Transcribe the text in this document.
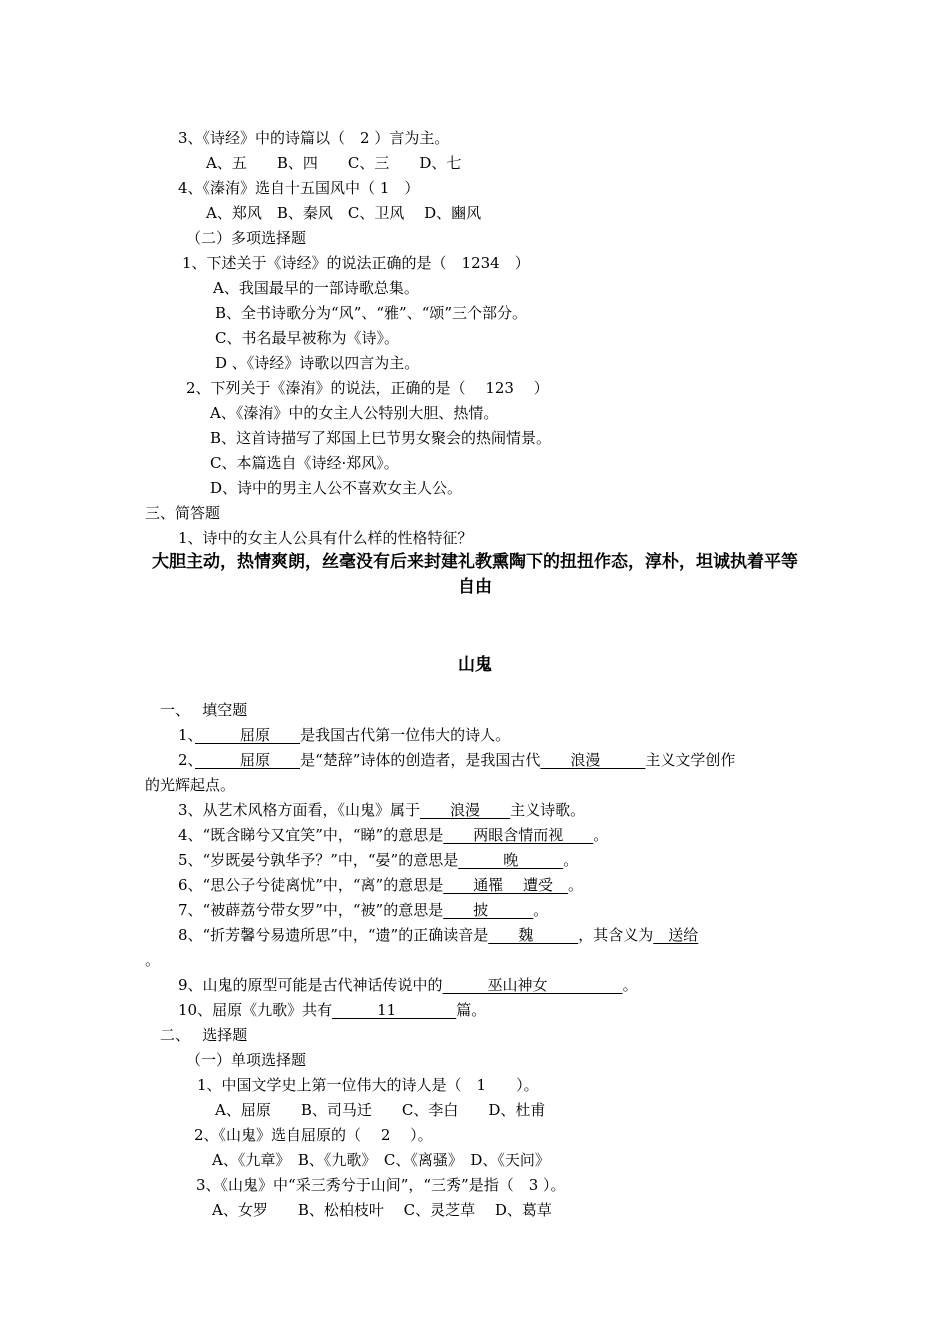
3、《诗经》中的诗篇以（　2 ）言为主。
A、五　　B、四　　C、三　　D、七
4、《溱洧》选自十五国风中（ 1　）
A、郑风　B、秦风　C、卫风　 D、豳风
（二）多项选择题
1、下述关于《诗经》的说法正确的是（　1234　）
A、我国最早的一部诗歌总集。
B、全书诗歌分为“风”、“雅”、“颂”三个部分。
C、书名最早被称为《诗》。
D 、《诗经》诗歌以四言为主。
2、下列关于《溱洧》的说法，正确的是（　 123　 ）
A、《溱洧》中的女主人公特别大胆、热情。
B、这首诗描写了郑国上巳节男女聚会的热闹情景。
C、本篇选自《诗经·郑风》。
D、诗中的男主人公不喜欢女主人公。
三、简答题
1、诗中的女主人公具有什么样的性格特征？
大胆主动，热情爽朗，丝毫没有后来封建礼教熏陶下的扭扭作态，淳朴，坦诚执着平等自由
山鬼
一、　 填空题
1、　　　屈原　　是我国古代第一位伟大的诗人。
2、　　　屈原　　是“楚辞”诗体的创造者，是我国古代　　浪漫　　　主义文学创作
的光辉起点。
3、从艺术风格方面看，《山鬼》属于　　浪漫　　主义诗歌。
4、“既含睇兮又宜笑”中，“睇”的意思是　　两眼含情而视　　。
5、“岁既晏兮孰华予？”中，“晏”的意思是　　　晚　　　。
6、“思公子兮徒离忧”中，“离”的意思是　　通罹　 遭受　。
7、“被薜荔兮带女罗”中，“被”的意思是　　披　　　。
8、“折芳馨兮易遗所思”中，“遗”的正确读音是　　魏　　　，其含义为　送给
。
9、山鬼的原型可能是古代神话传说中的　　　巫山神女　　　　　。
10、屈原《九歌》共有　　　11　　　　篇。
二、　 选择题
（一）单项选择题
1、中国文学史上第一位伟大的诗人是（　1　　）。
A、屈原　　B、司马迁　　C、李白　　D、杜甫
2、《山鬼》选自屈原的（　 2　 ）。
A、《九章》　B、《九歌》　C、《离骚》　D、《天问》
3、《山鬼》中“采三秀兮于山间”，“三秀”是指（　3 ）。
A、女罗　　B、松柏枝叶　 C、灵芝草　 D、葛草
